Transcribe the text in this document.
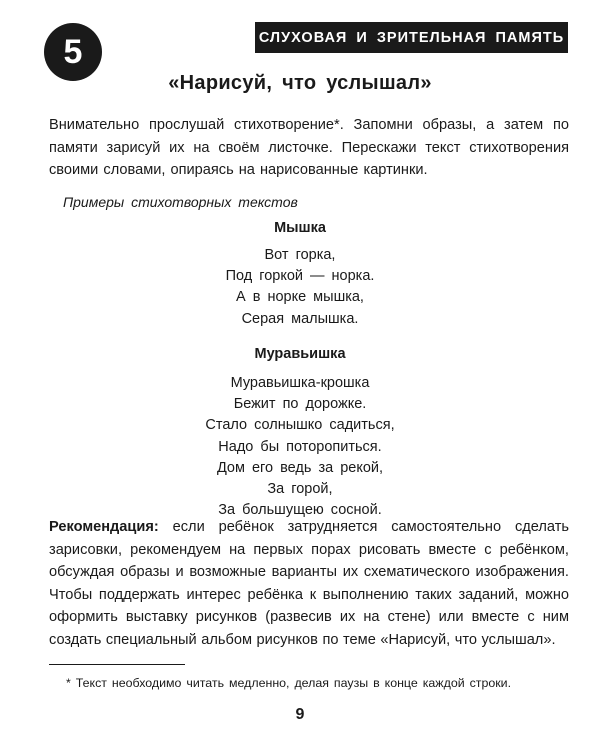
5	СЛУХОВАЯ И ЗРИТЕЛЬНАЯ ПАМЯТЬ
«Нарисуй, что услышал»

Внимательно прослушай стихотворение*. Запомни образы, а затем по памяти зарисуй их на своём листочке. Перескажи текст стихотворения своими словами, опираясь на нарисованные картинки.

Примеры стихотворных текстов
Мышка
Вот горка,
Под горкой — норка.
А в норке мышка,
Серая малышка.
Муравьишка
Муравьишка-крошка
Бежит по дорожке.
Стало солнышко садиться,
Надо бы поторопиться.
Дом его ведь за рекой,
За горой,
За большущею сосной.

Рекомендация: если ребёнок затрудняется самостоятельно сделать зарисовки, рекомендуем на первых порах рисовать вместе с ребёнком, обсуждая образы и возможные варианты их схематического изображения. Чтобы поддержать интерес ребёнка к выполнению таких заданий, можно оформить выставку рисунков (развесив их на стене) или вместе с ним создать специальный альбом рисунков по теме «Нарисуй, что услышал».

* Текст необходимо читать медленно, делая паузы в конце каждой строки.
9
